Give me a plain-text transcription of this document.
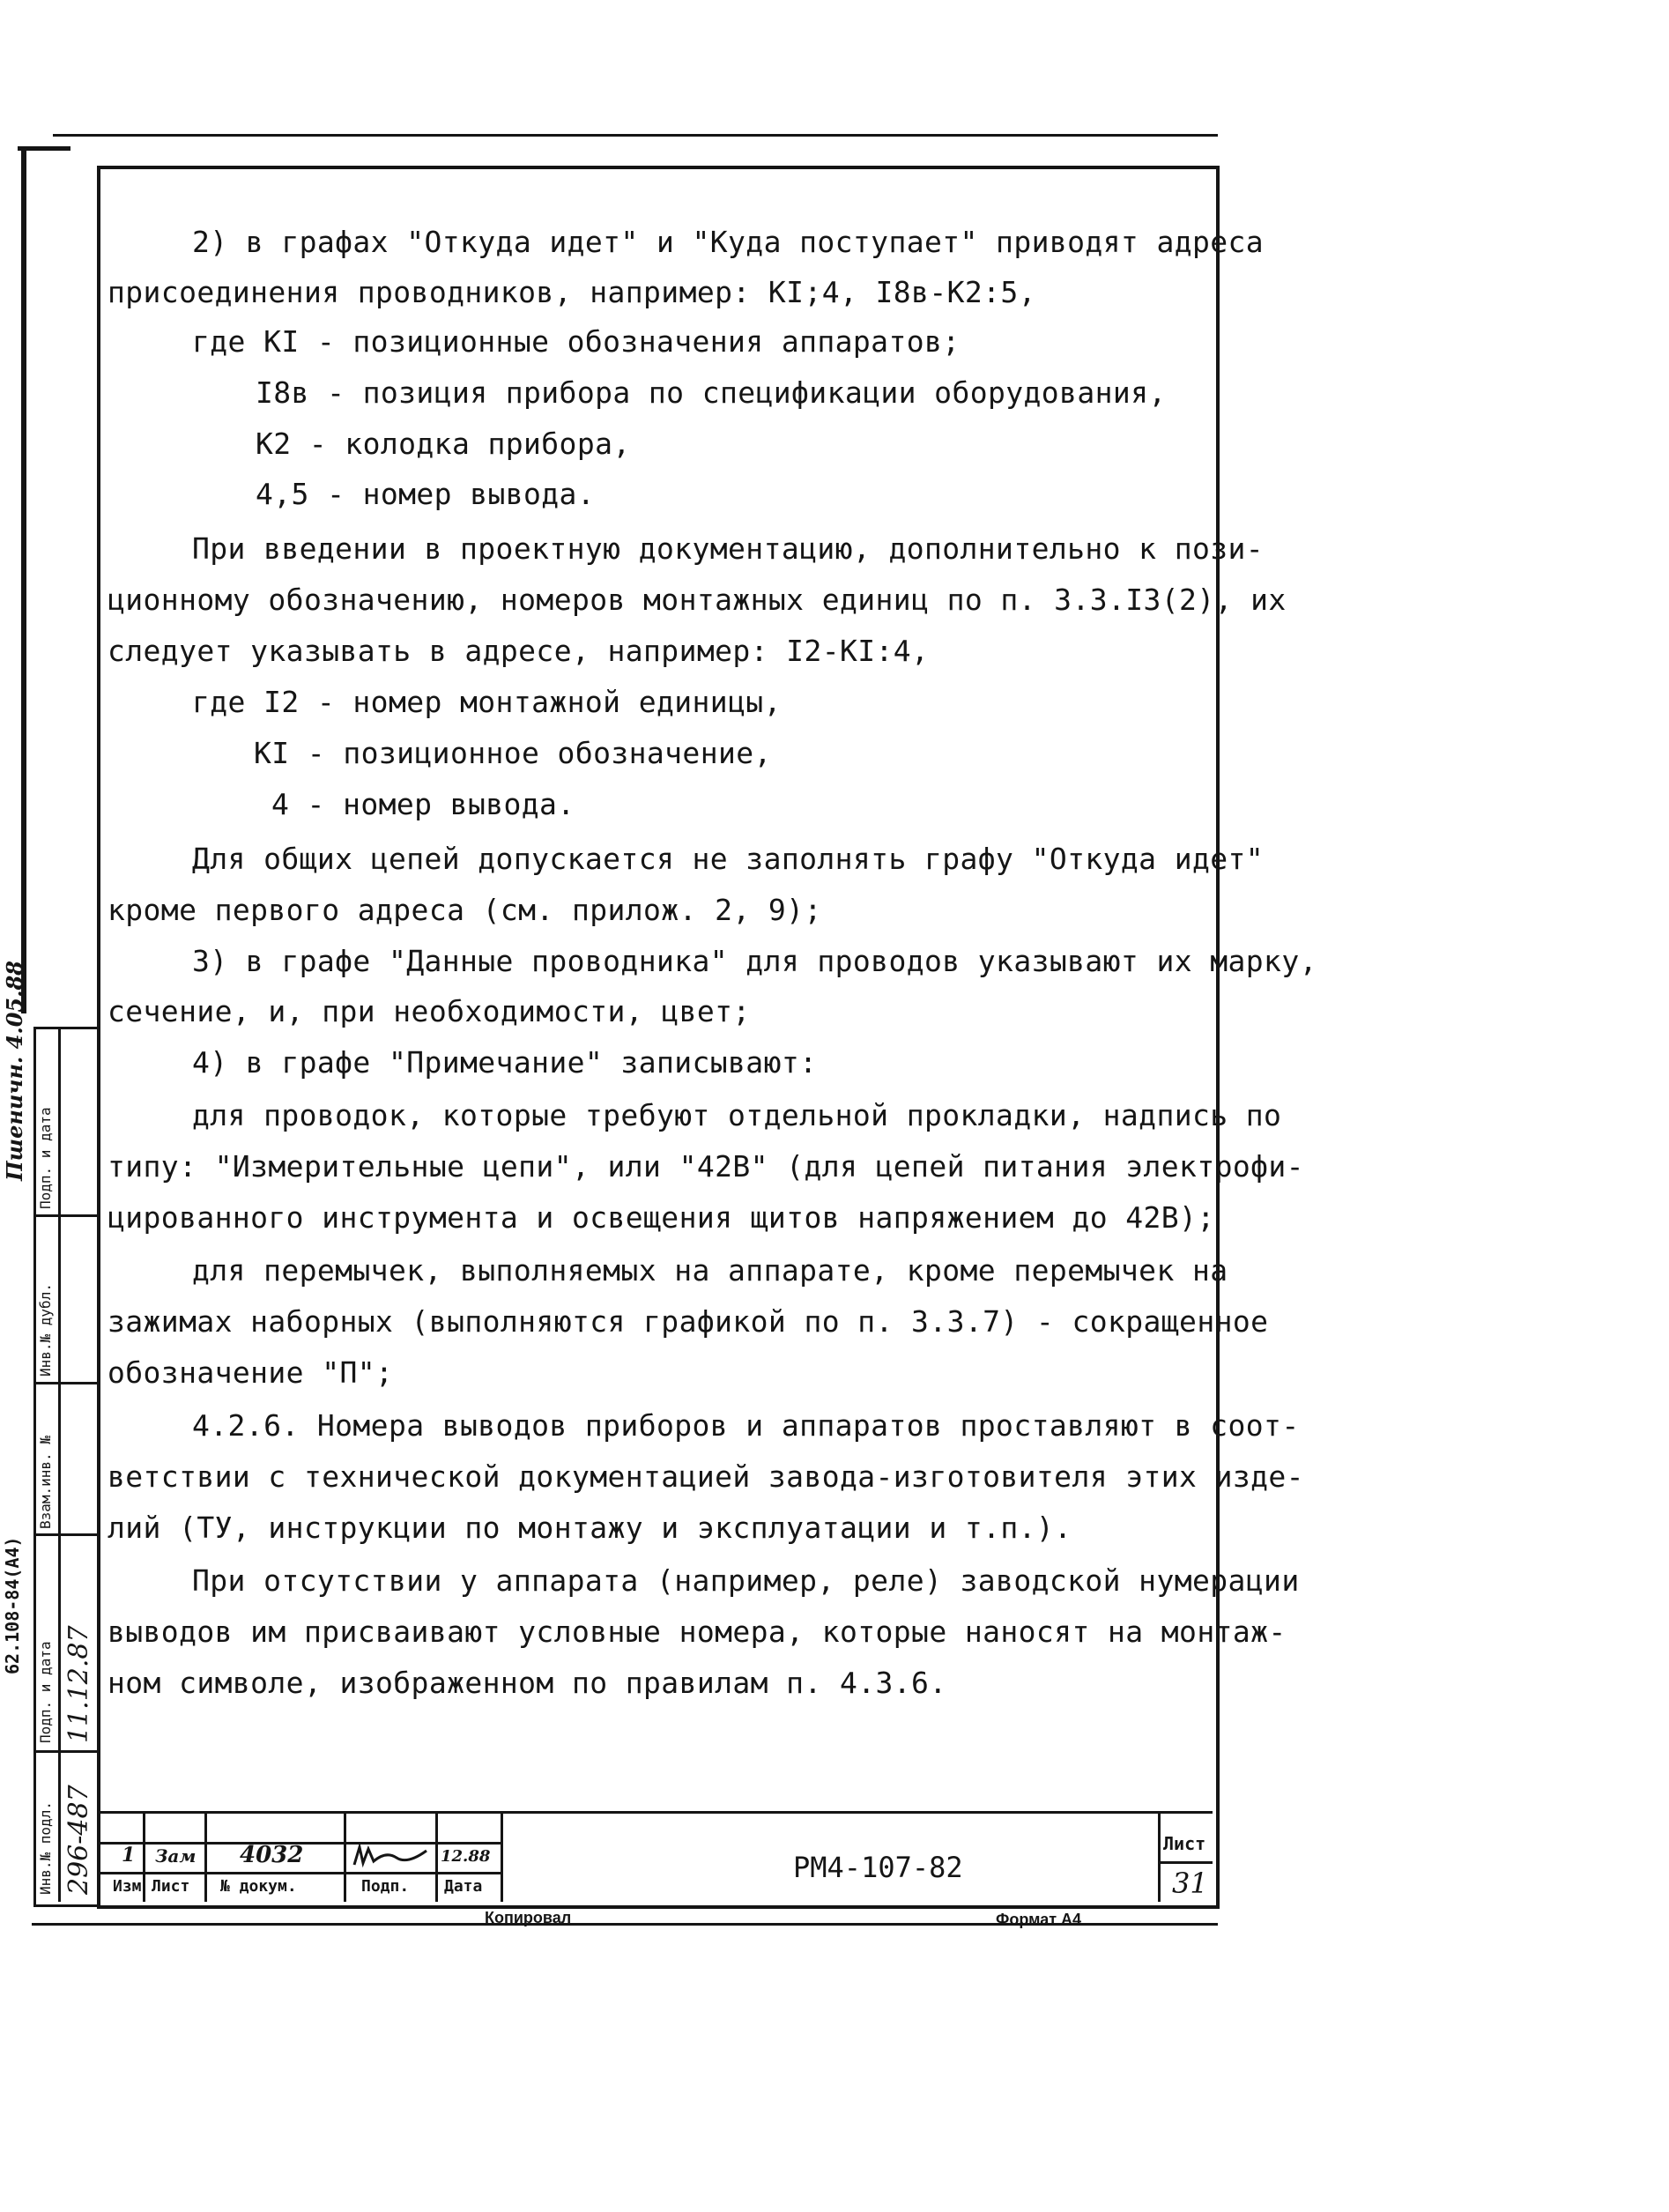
2) в графах "Откуда идет" и "Куда поступает" приводят адреса
присоединения проводников, например: КI;4, I8в-К2:5,
где КI - позиционные обозначения аппаратов;
I8в - позиция прибора по спецификации оборудования,
К2 - колодка прибора,
4,5 - номер вывода.
При введении в проектную документацию, дополнительно к пози-
ционному обозначению, номеров монтажных единиц по п. 3.3.I3(2), их
следует указывать в адресе, например: I2-КI:4,
где I2 - номер монтажной единицы,
КI - позиционное обозначение,
4 - номер вывода.
Для общих цепей допускается не заполнять графу "Откуда идет"
кроме первого адреса (см. прилож. 2, 9);
3) в графе "Данные проводника" для проводов указывают их марку,
сечение, и, при необходимости, цвет;
4) в графе "Примечание" записывают:
для проводок, которые требуют отдельной прокладки, надпись по
типу: "Измерительные цепи", или "42В" (для цепей питания электрофи-
цированного инструмента и освещения щитов напряжением до 42В);
для перемычек, выполняемых на аппарате, кроме перемычек на
зажимах наборных (выполняются графикой по п. 3.3.7) - сокращенное
обозначение "П";
4.2.6. Номера выводов приборов и аппаратов проставляют в соот-
ветствии с технической документацией завода-изготовителя этих изде-
лий (ТУ, инструкции по монтажу и эксплуатации и т.п.).
При отсутствии у аппарата (например, реле) заводской нумерации
выводов им присваивают условные номера, которые наносят на монтаж-
ном символе, изображенном по правилам п. 4.3.6.
Инв.№ подл.
Подп. и дата
Взам.инв. №
Инв.№ дубл.
Подп. и дата
296-487
11.12.87
62.108-84(A4)
Пшеничн. 4.05.88
1 Зам 4032	12.88
Изм Лист № докум.	Подп. Дата
РМ4-107-82
Лист
31
Копировал	Формат А4
